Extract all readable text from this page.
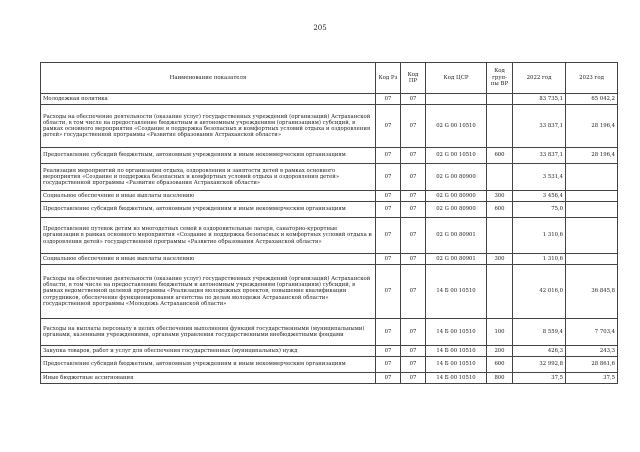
205
Наименование показателя	Код Рз	Код ПР	Код ЦСР	Код груп-пы ВР	2022 год	2023 год
Молодежная политика	07	07			83 735,1	65 042,2
Расходы на обеспечение деятельности (оказание услуг) государственных учреждений (организаций) Астраханской области, в том числе на предоставление бюджетным и автономным учреждениям (организациям) субсидий, в рамках основного мероприятия «Создание и поддержка безопасных и комфортных условий отдыха и оздоровления детей» государственной программы «Развитие образования Астраханской области»	07	07	02 G 00 10510		33 837,1	28 196,4
Предоставление субсидий бюджетным, автономным учреждениям и иным некоммерческим организациям	07	07	02 G 00 10510	600	33 837,1	28 196,4
Реализация мероприятий по организации отдыха, оздоровления и занятости детей в рамках основного мероприятия «Создание и поддержка безопасных и комфортных условий отдыха и оздоровления детей» государственной программы «Развитие образования Астраханской области»	07	07	02 G 00 80900		3 531,4	
Социальное обеспечение и иные выплаты населению	07	07	02 G 00 80900	300	3 456,4	
Предоставление субсидий бюджетным, автономным учреждениям и иным некоммерческим организациям	07	07	02 G 00 80900	600	75,0	
Предоставление путевок детям из многодетных семей в оздоровительные лагеря, санаторно-курортные организации в рамках основного мероприятия «Создание и поддержка безопасных и комфортных условий отдыха и оздоровления детей» государственной программы «Развитие образования Астраханской области»	07	07	02 G 00 80901		1 310,6	
Социальное обеспечение и иные выплаты населению	07	07	02 G 00 80901	300	1 310,6	
Расходы на обеспечение деятельности (оказание услуг) государственных учреждений (организаций) Астраханской области, в том числе на предоставление бюджетным и автономным учреждениям (организациям) субсидий, в рамках ведомственной целевой программы «Реализация молодежных проектов, повышение квалификации сотрудников, обеспечение функционирования агентства по делам молодежи Астраханской области» государственной программы «Молодежь Астраханской области»	07	07	14 Б 00 10510		42 016,0	36 845,8
Расходы на выплаты персоналу в целях обеспечения выполнения функций государственными (муниципальными) органами, казенными учреждениями, органами управления государственными внебюджетными фондами	07	07	14 Б 00 10510	100	8 559,4	7 703,4
Закупка товаров, работ и услуг для обеспечения государственных (муниципальных) нужд	07	07	14 Б 00 10510	200	426,3	243,3
Предоставление субсидий бюджетным, автономным учреждениям и иным некоммерческим организациям	07	07	14 Б 00 10510	600	32 992,8	28 861,6
Иные бюджетные ассигнования	07	07	14 Б 00 10510	800	37,5	37,5
